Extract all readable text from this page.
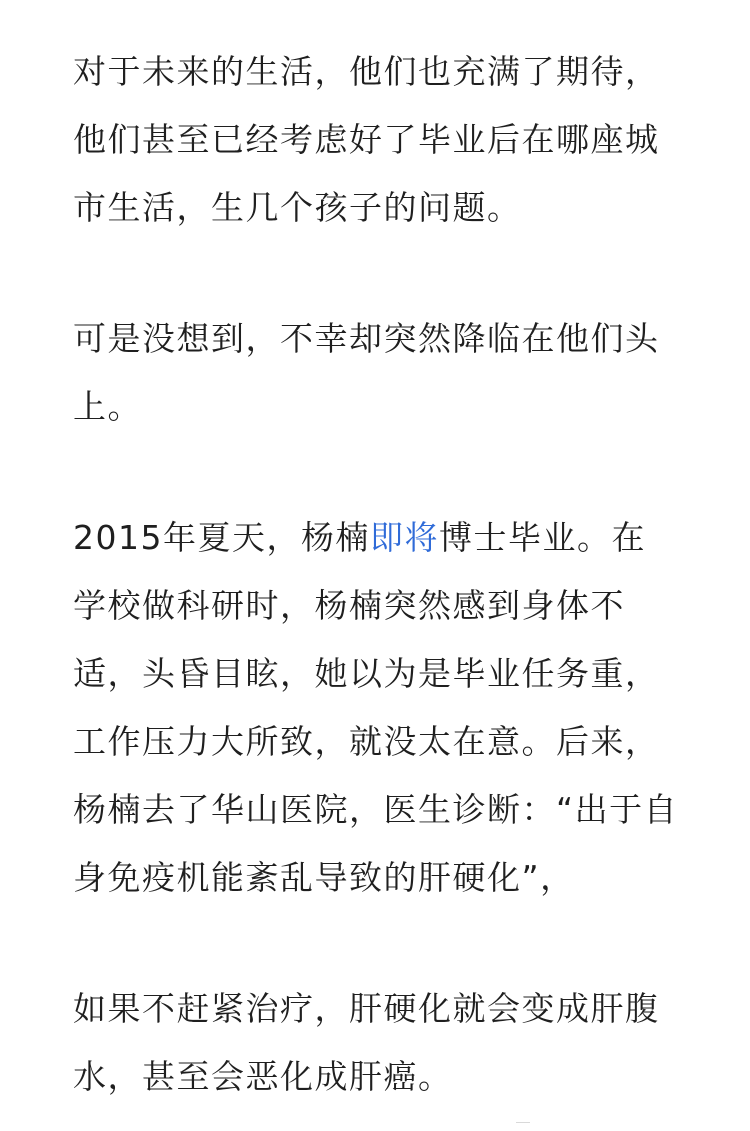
对于未来的生活，他们也充满了期待，他们甚至已经考虑好了毕业后在哪座城市生活，生几个孩子的问题。

可是没想到，不幸却突然降临在他们头上。

2015年夏天，杨楠即将博士毕业。在学校做科研时，杨楠突然感到身体不适，头昏目眩，她以为是毕业任务重，工作压力大所致，就没太在意。后来，杨楠去了华山医院，医生诊断：“出于自身免疫机能紊乱导致的肝硬化”，

如果不赶紧治疗，肝硬化就会变成肝腹水，甚至会恶化成肝癌。
